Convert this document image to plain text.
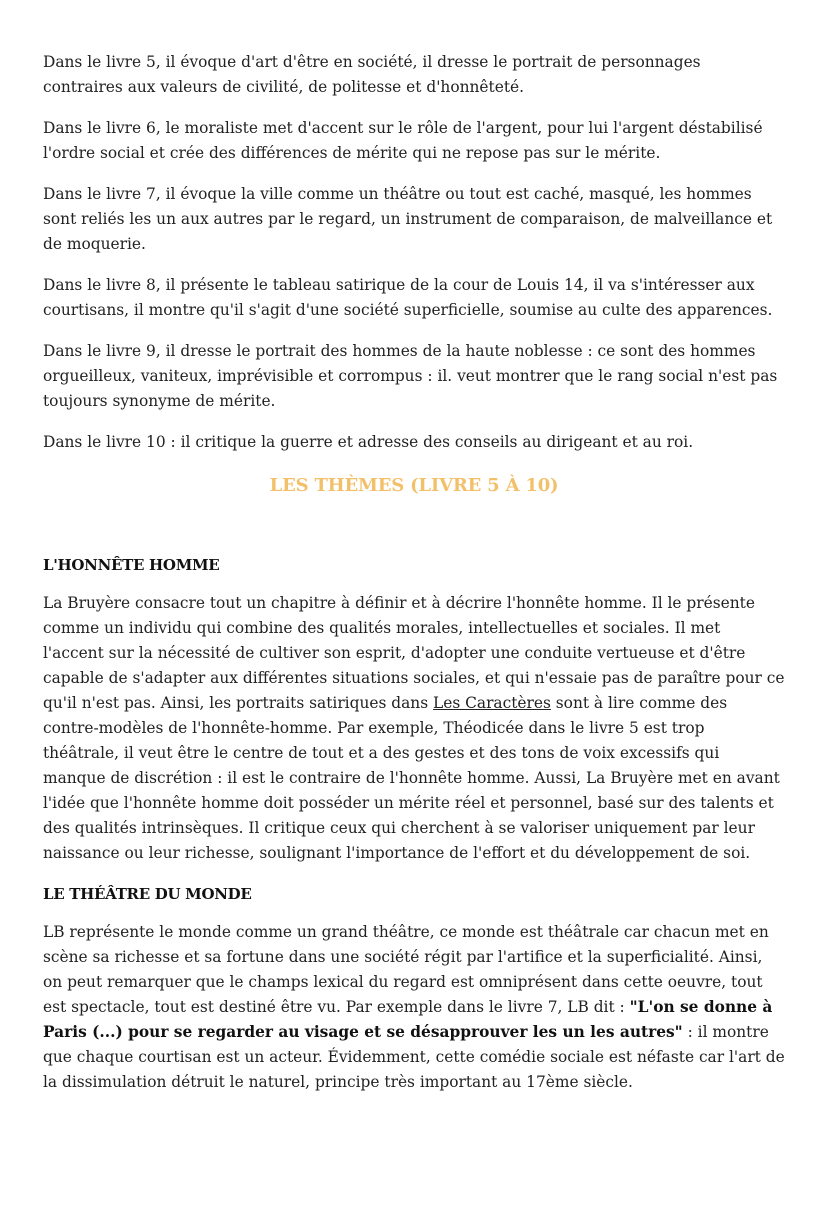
Dans le livre 5, il évoque d'art d'être en société, il dresse le portrait de personnages contraires aux valeurs de civilité, de politesse et d'honnêteté.

Dans le livre 6, le moraliste met d'accent sur le rôle de l'argent, pour lui l'argent déstabilisé l'ordre social et crée des différences de mérite qui ne repose pas sur le mérite.

Dans le livre 7, il évoque la ville comme un théâtre ou tout est caché, masqué, les hommes sont reliés les un aux autres par le regard, un instrument de comparaison, de malveillance et de moquerie.

Dans le livre 8, il présente le tableau satirique de la cour de Louis 14, il va s'intéresser aux courtisans, il montre qu'il s'agit d'une société superficielle, soumise au culte des apparences.

Dans le livre 9, il dresse le portrait des hommes de la haute noblesse : ce sont des hommes orgueilleux, vaniteux, imprévisible et corrompus : il. veut montrer que le rang social n'est pas toujours synonyme de mérite.

Dans le livre 10 : il critique la guerre et adresse des conseils au dirigeant et au roi.

LES THÈMES (LIVRE 5 À 10)
L'HONNÊTE HOMME

La Bruyère consacre tout un chapitre à définir et à décrire l'honnête homme. Il le présente comme un individu qui combine des qualités morales, intellectuelles et sociales. Il met l'accent sur la nécessité de cultiver son esprit, d'adopter une conduite vertueuse et d'être capable de s'adapter aux différentes situations sociales, et qui n'essaie pas de paraître pour ce qu'il n'est pas. Ainsi, les portraits satiriques dans Les Caractères sont à lire comme des contre-modèles de l'honnête-homme. Par exemple, Théodicée dans le livre 5 est trop théâtrale, il veut être le centre de tout et a des gestes et des tons de voix excessifs qui manque de discrétion : il est le contraire de l'honnête homme. Aussi, La Bruyère met en avant l'idée que l'honnête homme doit posséder un mérite réel et personnel, basé sur des talents et des qualités intrinsèques. Il critique ceux qui cherchent à se valoriser uniquement par leur naissance ou leur richesse, soulignant l'importance de l'effort et du développement de soi.

LE THÉÂTRE DU MONDE

LB représente le monde comme un grand théâtre, ce monde est théâtrale car chacun met en scène sa richesse et sa fortune dans une société régit par l'artifice et la superficialité. Ainsi, on peut remarquer que le champs lexical du regard est omniprésent dans cette oeuvre, tout est spectacle, tout est destiné être vu. Par exemple dans le livre 7, LB dit : "L'on se donne à Paris (...) pour se regarder au visage et se désapprouver les un les autres" : il montre que chaque courtisan est un acteur. Évidemment, cette comédie sociale est néfaste car l'art de la dissimulation détruit le naturel, principe très important au 17ème siècle.
